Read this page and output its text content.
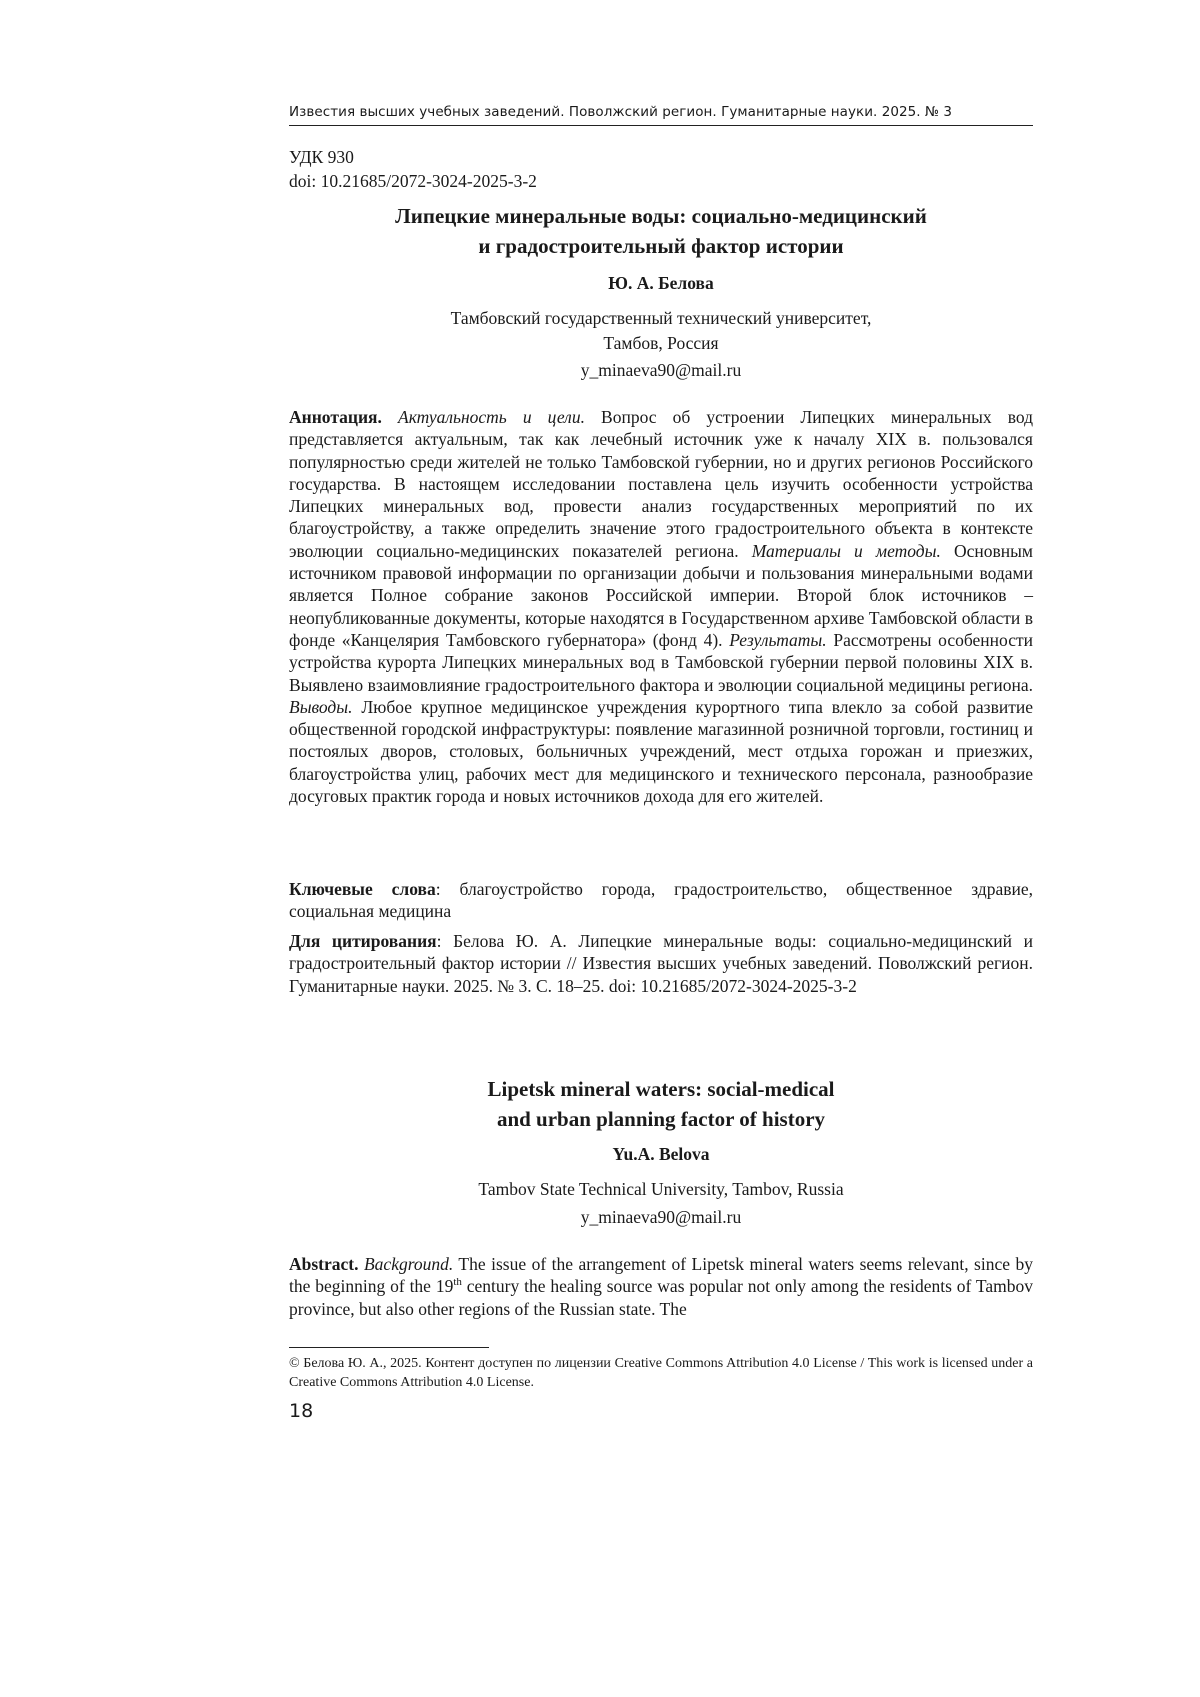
Известия высших учебных заведений. Поволжский регион. Гуманитарные науки. 2025. № 3
УДК 930
doi: 10.21685/2072-3024-2025-3-2
Липецкие минеральные воды: социально-медицинский
и градостроительный фактор истории
Ю. А. Белова
Тамбовский государственный технический университет,
Тамбов, Россия
y_minaeva90@mail.ru
Аннотация. Актуальность и цели. Вопрос об устроении Липецких минеральных вод представляется актуальным, так как лечебный источник уже к началу XIX в. пользовался популярностью среди жителей не только Тамбовской губернии, но и других регионов Российского государства. В настоящем исследовании поставлена цель изучить особенности устройства Липецких минеральных вод, провести анализ государственных мероприятий по их благоустройству, а также определить значение этого градостроительного объекта в контексте эволюции социально-медицинских показателей региона. Материалы и методы. Основным источником правовой информации по организации добычи и пользования минеральными водами является Полное собрание законов Российской империи. Второй блок источников – неопубликованные документы, которые находятся в Государственном архиве Тамбовской области в фонде «Канцелярия Тамбовского губернатора» (фонд 4). Результаты. Рассмотрены особенности устройства курорта Липецких минеральных вод в Тамбовской губернии первой половины XIX в. Выявлено взаимовлияние градостроительного фактора и эволюции социальной медицины региона. Выводы. Любое крупное медицинское учреждения курортного типа влекло за собой развитие общественной городской инфраструктуры: появление магазинной розничной торговли, гостиниц и постоялых дворов, столовых, больничных учреждений, мест отдыха горожан и приезжих, благоустройства улиц, рабочих мест для медицинского и технического персонала, разнообразие досуговых практик города и новых источников дохода для его жителей.
Ключевые слова: благоустройство города, градостроительство, общественное здравие, социальная медицина
Для цитирования: Белова Ю. А. Липецкие минеральные воды: социально-медицинский и градостроительный фактор истории // Известия высших учебных заведений. Поволжский регион. Гуманитарные науки. 2025. № 3. С. 18–25. doi: 10.21685/2072-3024-2025-3-2
Lipetsk mineral waters: social-medical
and urban planning factor of history
Yu.A. Belova
Tambov State Technical University, Tambov, Russia
y_minaeva90@mail.ru
Abstract. Background. The issue of the arrangement of Lipetsk mineral waters seems relevant, since by the beginning of the 19th century the healing source was popular not only among the residents of Tambov province, but also other regions of the Russian state. The
© Белова Ю. А., 2025. Контент доступен по лицензии Creative Commons Attribution 4.0 License / This work is licensed under a Creative Commons Attribution 4.0 License.
18
